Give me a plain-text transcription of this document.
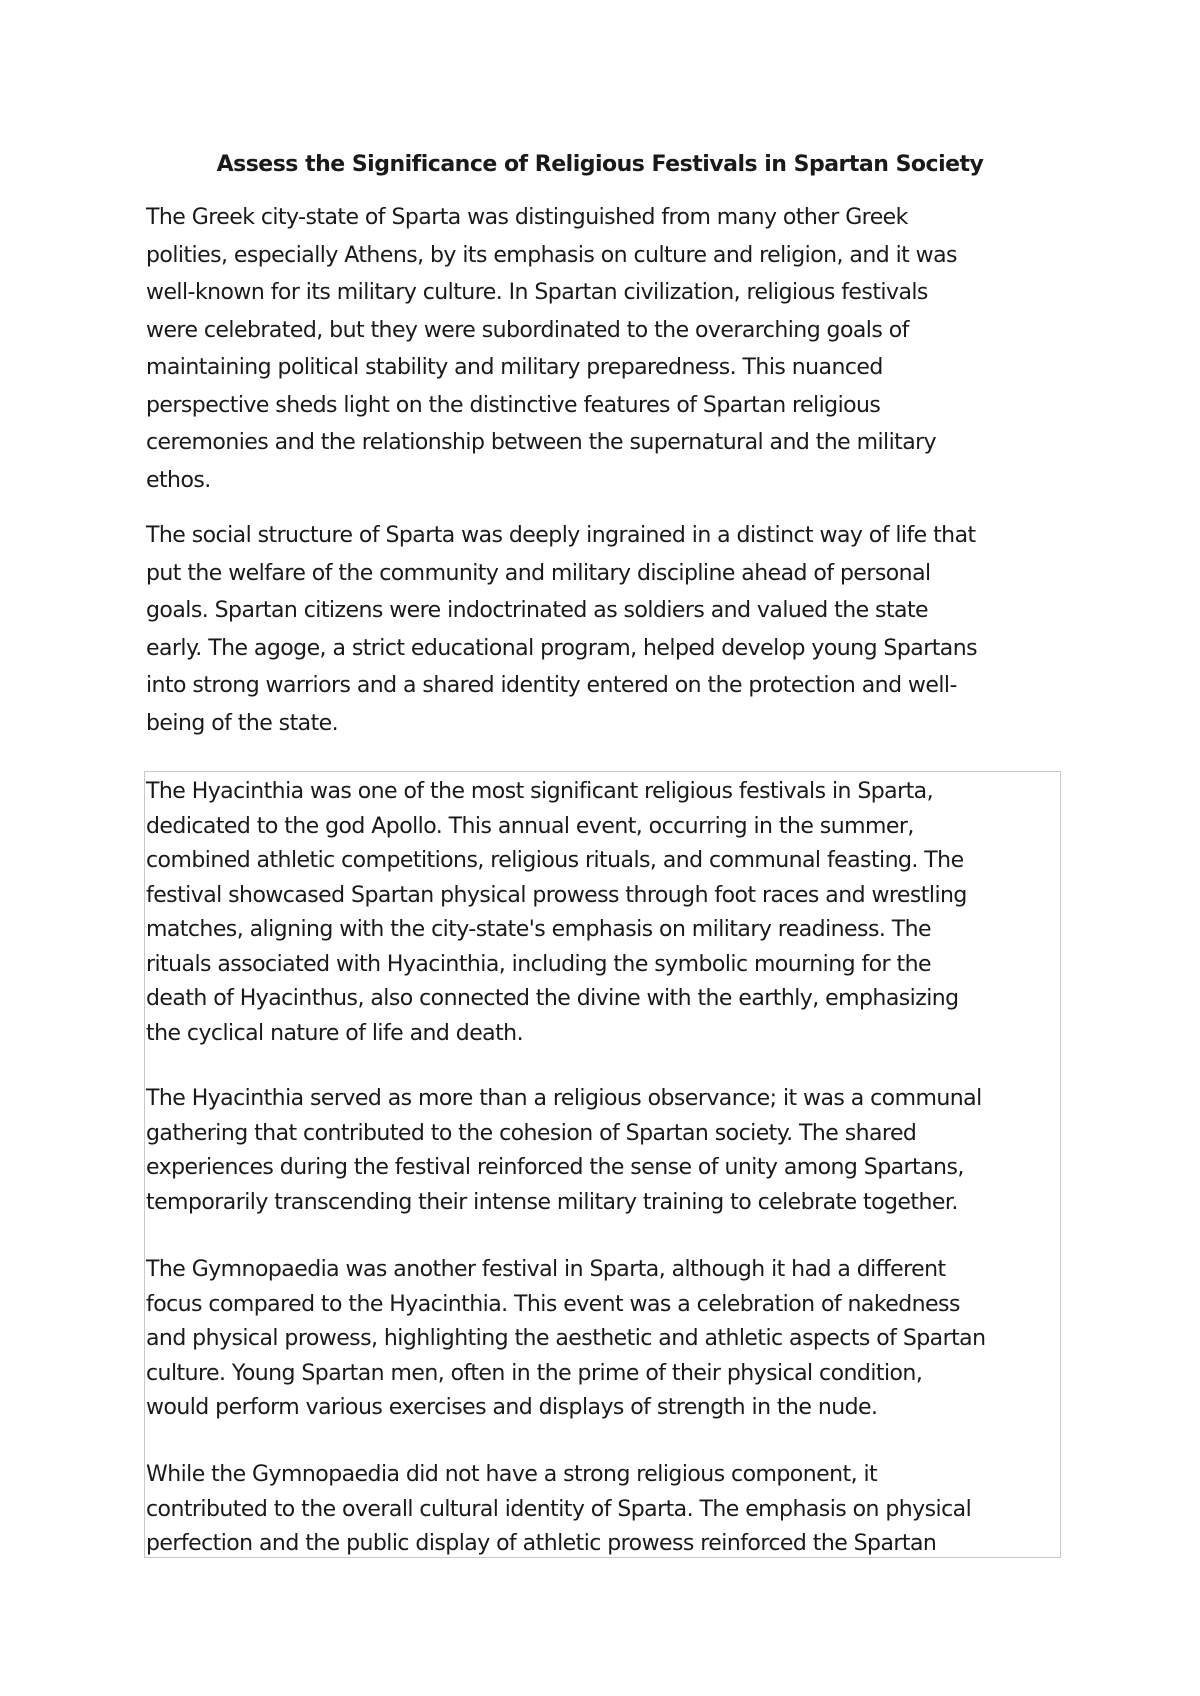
Assess the Significance of Religious Festivals in Spartan Society

The Greek city-state of Sparta was distinguished from many other Greek
polities, especially Athens, by its emphasis on culture and religion, and it was
well-known for its military culture. In Spartan civilization, religious festivals
were celebrated, but they were subordinated to the overarching goals of
maintaining political stability and military preparedness. This nuanced
perspective sheds light on the distinctive features of Spartan religious
ceremonies and the relationship between the supernatural and the military
ethos.

The social structure of Sparta was deeply ingrained in a distinct way of life that
put the welfare of the community and military discipline ahead of personal
goals. Spartan citizens were indoctrinated as soldiers and valued the state
early. The agoge, a strict educational program, helped develop young Spartans
into strong warriors and a shared identity entered on the protection and well-
being of the state.

The Hyacinthia was one of the most significant religious festivals in Sparta,
dedicated to the god Apollo. This annual event, occurring in the summer,
combined athletic competitions, religious rituals, and communal feasting. The
festival showcased Spartan physical prowess through foot races and wrestling
matches, aligning with the city-state's emphasis on military readiness. The
rituals associated with Hyacinthia, including the symbolic mourning for the
death of Hyacinthus, also connected the divine with the earthly, emphasizing
the cyclical nature of life and death.

The Hyacinthia served as more than a religious observance; it was a communal
gathering that contributed to the cohesion of Spartan society. The shared
experiences during the festival reinforced the sense of unity among Spartans,
temporarily transcending their intense military training to celebrate together.

The Gymnopaedia was another festival in Sparta, although it had a different
focus compared to the Hyacinthia. This event was a celebration of nakedness
and physical prowess, highlighting the aesthetic and athletic aspects of Spartan
culture. Young Spartan men, often in the prime of their physical condition,
would perform various exercises and displays of strength in the nude.

While the Gymnopaedia did not have a strong religious component, it
contributed to the overall cultural identity of Sparta. The emphasis on physical
perfection and the public display of athletic prowess reinforced the Spartan
